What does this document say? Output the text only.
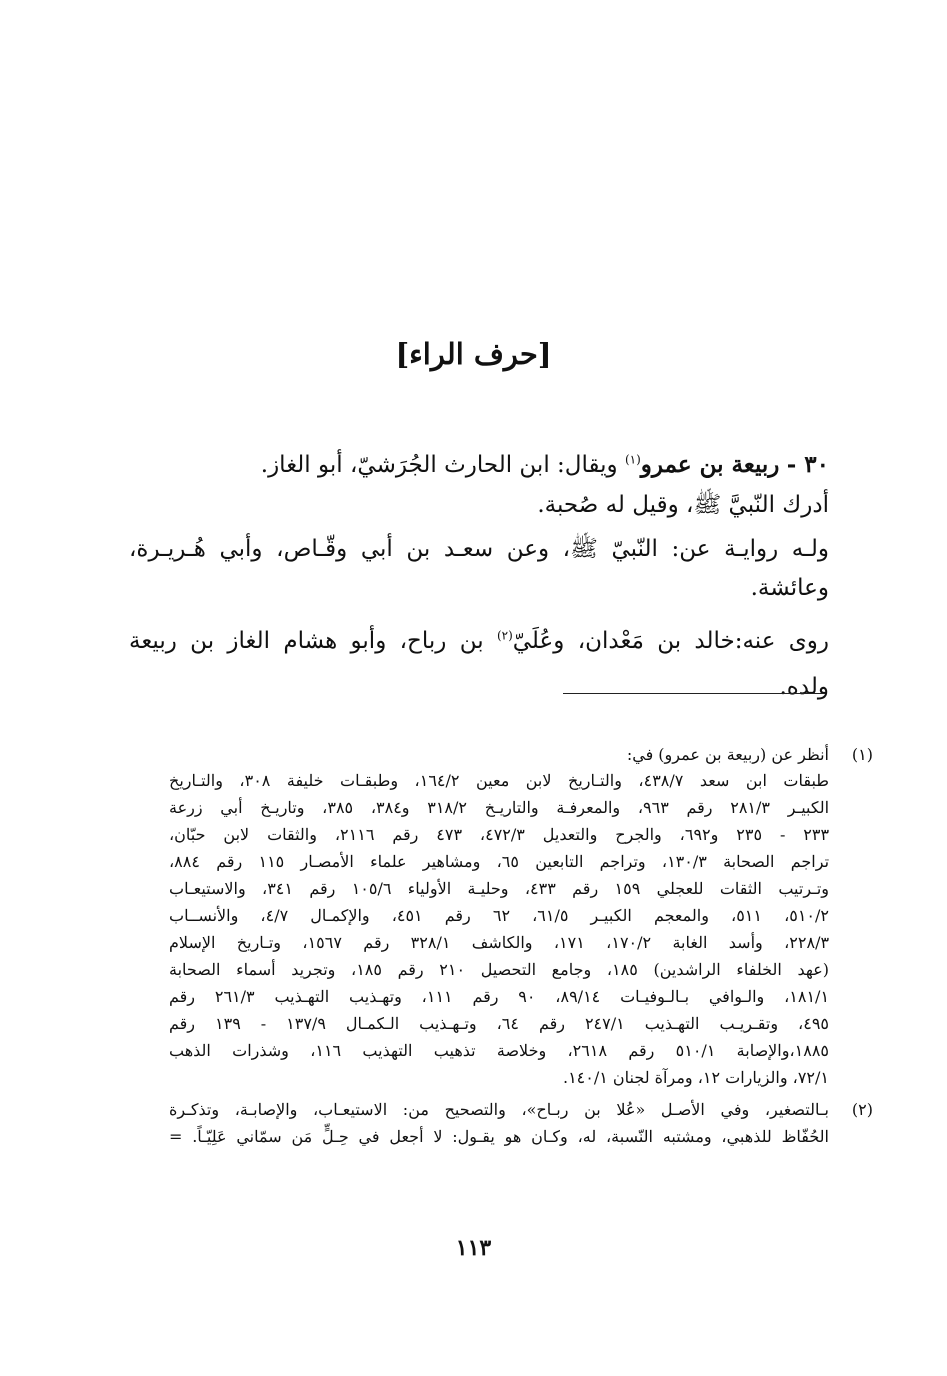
[حرف الراء]
٣٠ - ربيعة بن عمرو$^{(١)}$ ويقال: ابن الحارث الجُرَشيّ، أبو الغاز.
أدرك النّبيَّ ﷺ، وقيل له صُحبة.
ولـه روايـة عن: النّبيّ ﷺ، وعن سعـد بن أبي وقّـاص، وأبي هُـريـرة،
وعائشة.
روى عنه:خالد بن مَعْدان، وعُلَيّ$^{(٢)}$ بن رباح، وأبو هشام الغاز بن ربيعة
ولده.
(١)
أنظر عن (ربيعة بن عمرو) في:
طبقات ابن سعد ٤٣٨/٧، والتـاريخ لابن معين ١٦٤/٢، وطبقـات خليفة ٣٠٨، والتـاريخ
الكبيـر ٢٨١/٣ رقم ٩٦٣، والمعرفـة والتاريـخ ٣١٨/٢ و٣٨٤، ٣٨٥، وتاريـخ أبي زرعة
٢٣٣ - ٢٣٥ و٦٩٢، والجرح والتعديل ٤٧٢/٣، ٤٧٣ رقم ٢١١٦، والثقات لابن حبّان،
تراجم الصحابة ١٣٠/٣، وتراجم التابعين ٦٥، ومشاهير علماء الأمصـار ١١٥ رقم ٨٨٤،
وتـرتيب الثقات للعجلي ١٥٩ رقم ٤٣٣، وحليـة الأولياء ١٠٥/٦ رقم ٣٤١، والاستيعـاب
٥١٠/٢، ٥١١، والمعجم الكبيـر ٦١/٥، ٦٢ رقم ٤٥١، والإكمـال ٤/٧، والأنســاب
٢٢٨/٣، وأسد الغابة ١٧٠/٢، ١٧١، والكاشف ٣٢٨/١ رقم ١٥٦٧، وتـاريخ الإسلام
(عهد الخلفاء الراشدين) ١٨٥، وجامع التحصيل ٢١٠ رقم ١٨٥، وتجريد أسماء الصحابة
١٨١/١، والـوافي بـالـوفيـات ٨٩/١٤، ٩٠ رقم ١١١، وتهـذيب التهـذيب ٢٦١/٣ رقم
٤٩٥، وتقـريـب التهـذيب ٢٤٧/١ رقم ٦٤، وتـهـذيب الـكمـال ١٣٧/٩ - ١٣٩ رقم
١٨٨٥،والإصابة ٥١٠/١ رقم ٢٦١٨، وخلاصة تذهيب التهذيب ١١٦، وشذرات الذهب
٧٢/١، والزيارات ١٢، ومرآة لجنان ١٤٠/١.
(٢)
بـالتصغير، وفي الأصـل «عُلا بن ربـاح»، والتصحيح من: الاستيعـاب، والإصابـة، وتذكـرة
الحُفّاظ للذهبي، ومشتبه النّسبة، له، وكـان هو يقـول: لا أجعل في حِـلٍّ مَن سمّاني عَلِيّـاً. =
١١٣
